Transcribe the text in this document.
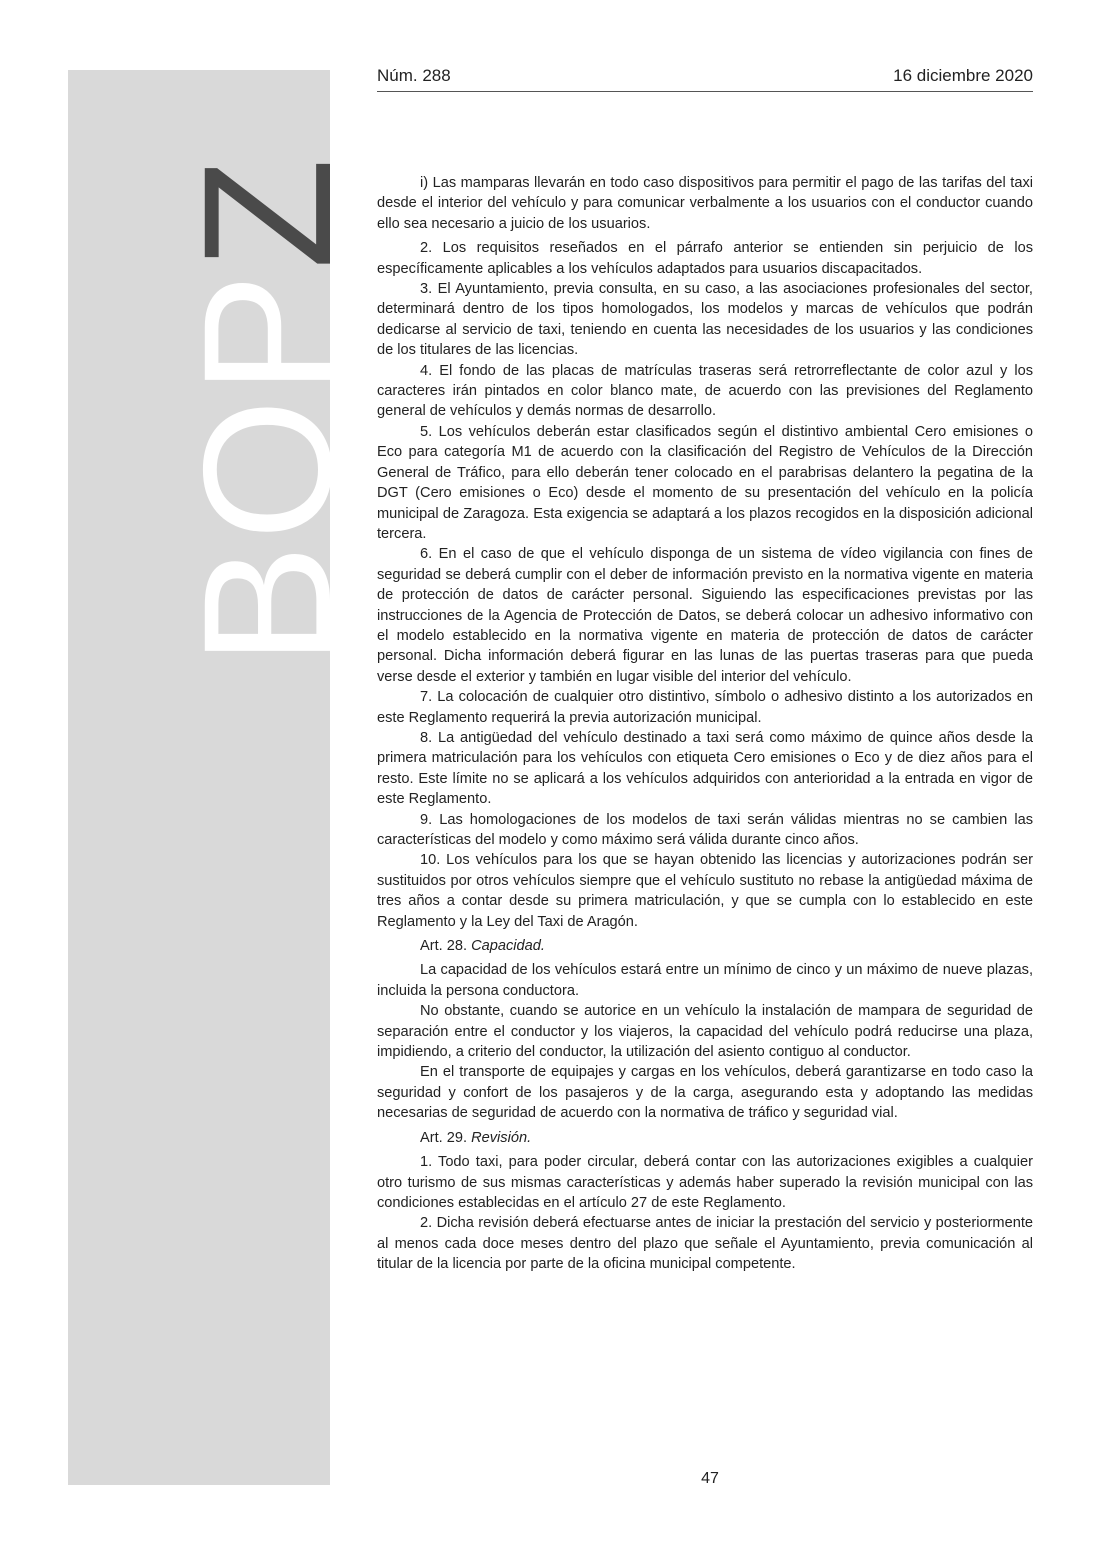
BOPZ
Núm. 288	16 diciembre 2020

i) Las mamparas llevarán en todo caso dispositivos para permitir el pago de las tarifas del taxi desde el interior del vehículo y para comunicar verbalmente a los usuarios con el conductor cuando ello sea necesario a juicio de los usuarios.

2. Los requisitos reseñados en el párrafo anterior se entienden sin perjuicio de los específicamente aplicables a los vehículos adaptados para usuarios discapacitados.

3. El Ayuntamiento, previa consulta, en su caso, a las asociaciones profesionales del sector, determinará dentro de los tipos homologados, los modelos y marcas de vehículos que podrán dedicarse al servicio de taxi, teniendo en cuenta las necesidades de los usuarios y las condiciones de los titulares de las licencias.

4. El fondo de las placas de matrículas traseras será retrorreflectante de color azul y los caracteres irán pintados en color blanco mate, de acuerdo con las previsiones del Reglamento general de vehículos y demás normas de desarrollo.

5. Los vehículos deberán estar clasificados según el distintivo ambiental Cero emisiones o Eco para categoría M1 de acuerdo con la clasificación del Registro de Vehículos de la Dirección General de Tráfico, para ello deberán tener colocado en el parabrisas delantero la pegatina de la DGT (Cero emisiones o Eco) desde el momento de su presentación del vehículo en la policía municipal de Zaragoza. Esta exigencia se adaptará a los plazos recogidos en la disposición adicional tercera.

6. En el caso de que el vehículo disponga de un sistema de vídeo vigilancia con fines de seguridad se deberá cumplir con el deber de información previsto en la normativa vigente en materia de protección de datos de carácter personal. Siguiendo las especificaciones previstas por las instrucciones de la Agencia de Protección de Datos, se deberá colocar un adhesivo informativo con el modelo establecido en la normativa vigente en materia de protección de datos de carácter personal. Dicha información deberá figurar en las lunas de las puertas traseras para que pueda verse desde el exterior y también en lugar visible del interior del vehículo.

7. La colocación de cualquier otro distintivo, símbolo o adhesivo distinto a los autorizados en este Reglamento requerirá la previa autorización municipal.

8. La antigüedad del vehículo destinado a taxi será como máximo de quince años desde la primera matriculación para los vehículos con etiqueta Cero emisiones o Eco y de diez años para el resto. Este límite no se aplicará a los vehículos adquiridos con anterioridad a la entrada en vigor de este Reglamento.

9. Las homologaciones de los modelos de taxi serán válidas mientras no se cambien las características del modelo y como máximo será válida durante cinco años.

10. Los vehículos para los que se hayan obtenido las licencias y autorizaciones podrán ser sustituidos por otros vehículos siempre que el vehículo sustituto no rebase la antigüedad máxima de tres años a contar desde su primera matriculación, y que se cumpla con lo establecido en este Reglamento y la Ley del Taxi de Aragón.

Art. 28. Capacidad.

La capacidad de los vehículos estará entre un mínimo de cinco y un máximo de nueve plazas, incluida la persona conductora.

No obstante, cuando se autorice en un vehículo la instalación de mampara de seguridad de separación entre el conductor y los viajeros, la capacidad del vehículo podrá reducirse una plaza, impidiendo, a criterio del conductor, la utilización del asiento contiguo al conductor.

En el transporte de equipajes y cargas en los vehículos, deberá garantizarse en todo caso la seguridad y confort de los pasajeros y de la carga, asegurando esta y adoptando las medidas necesarias de seguridad de acuerdo con la normativa de tráfico y seguridad vial.

Art. 29. Revisión.

1. Todo taxi, para poder circular, deberá contar con las autorizaciones exigibles a cualquier otro turismo de sus mismas características y además haber superado la revisión municipal con las condiciones establecidas en el artículo 27 de este Reglamento.

2. Dicha revisión deberá efectuarse antes de iniciar la prestación del servicio y posteriormente al menos cada doce meses dentro del plazo que señale el Ayuntamiento, previa comunicación al titular de la licencia por parte de la oficina municipal competente.

47
